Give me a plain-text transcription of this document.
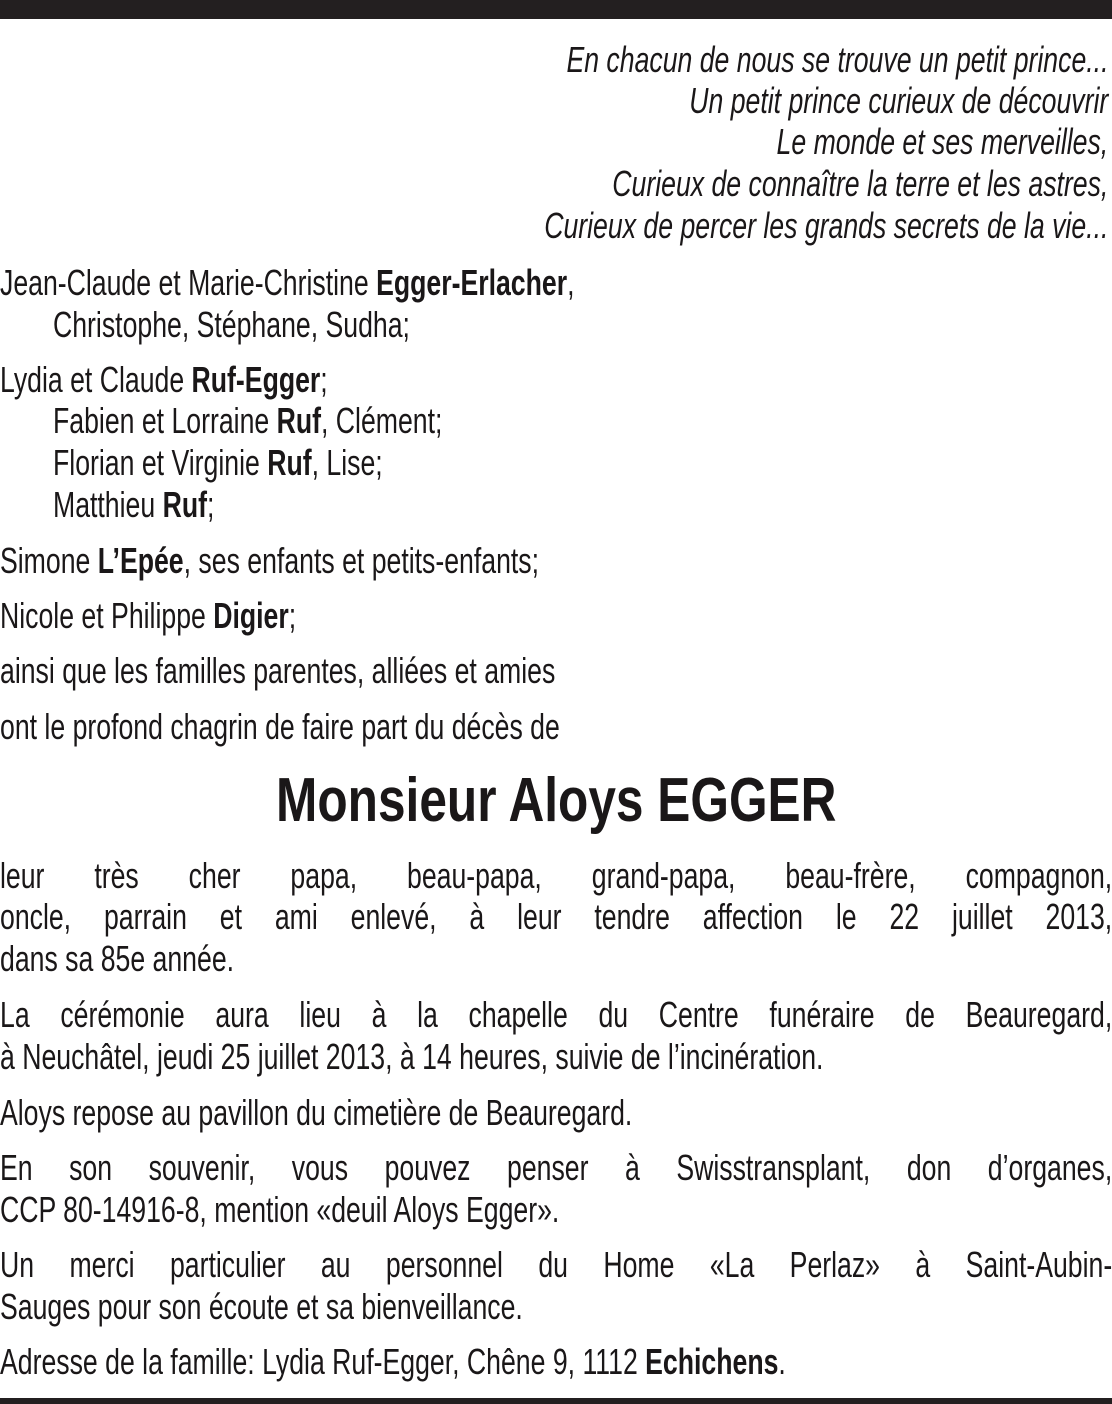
En chacun de nous se trouve un petit prince...
Un petit prince curieux de découvrir
Le monde et ses merveilles,
Curieux de connaître la terre et les astres,
Curieux de percer les grands secrets de la vie...
Jean-Claude et Marie-Christine Egger-Erlacher,
Christophe, Stéphane, Sudha;
Lydia et Claude Ruf-Egger;
Fabien et Lorraine Ruf, Clément;
Florian et Virginie Ruf, Lise;
Matthieu Ruf;
Simone L’Epée, ses enfants et petits-enfants;
Nicole et Philippe Digier;
ainsi que les familles parentes, alliées et amies
ont le profond chagrin de faire part du décès de
Monsieur Aloys EGGER
leur très cher papa, beau-papa, grand-papa, beau-frère, compagnon,
oncle, parrain et ami enlevé, à leur tendre affection le 22 juillet 2013,
dans sa 85e année.
La cérémonie aura lieu à la chapelle du Centre funéraire de Beauregard,
à Neuchâtel, jeudi 25 juillet 2013, à 14 heures, suivie de l’incinération.
Aloys repose au pavillon du cimetière de Beauregard.
En son souvenir, vous pouvez penser à Swisstransplant, don d’organes,
CCP 80-14916-8, mention «deuil Aloys Egger».
Un merci particulier au personnel du Home «La Perlaz» à Saint-Aubin-
Sauges pour son écoute et sa bienveillance.
Adresse de la famille: Lydia Ruf-Egger, Chêne 9, 1112 Echichens.
